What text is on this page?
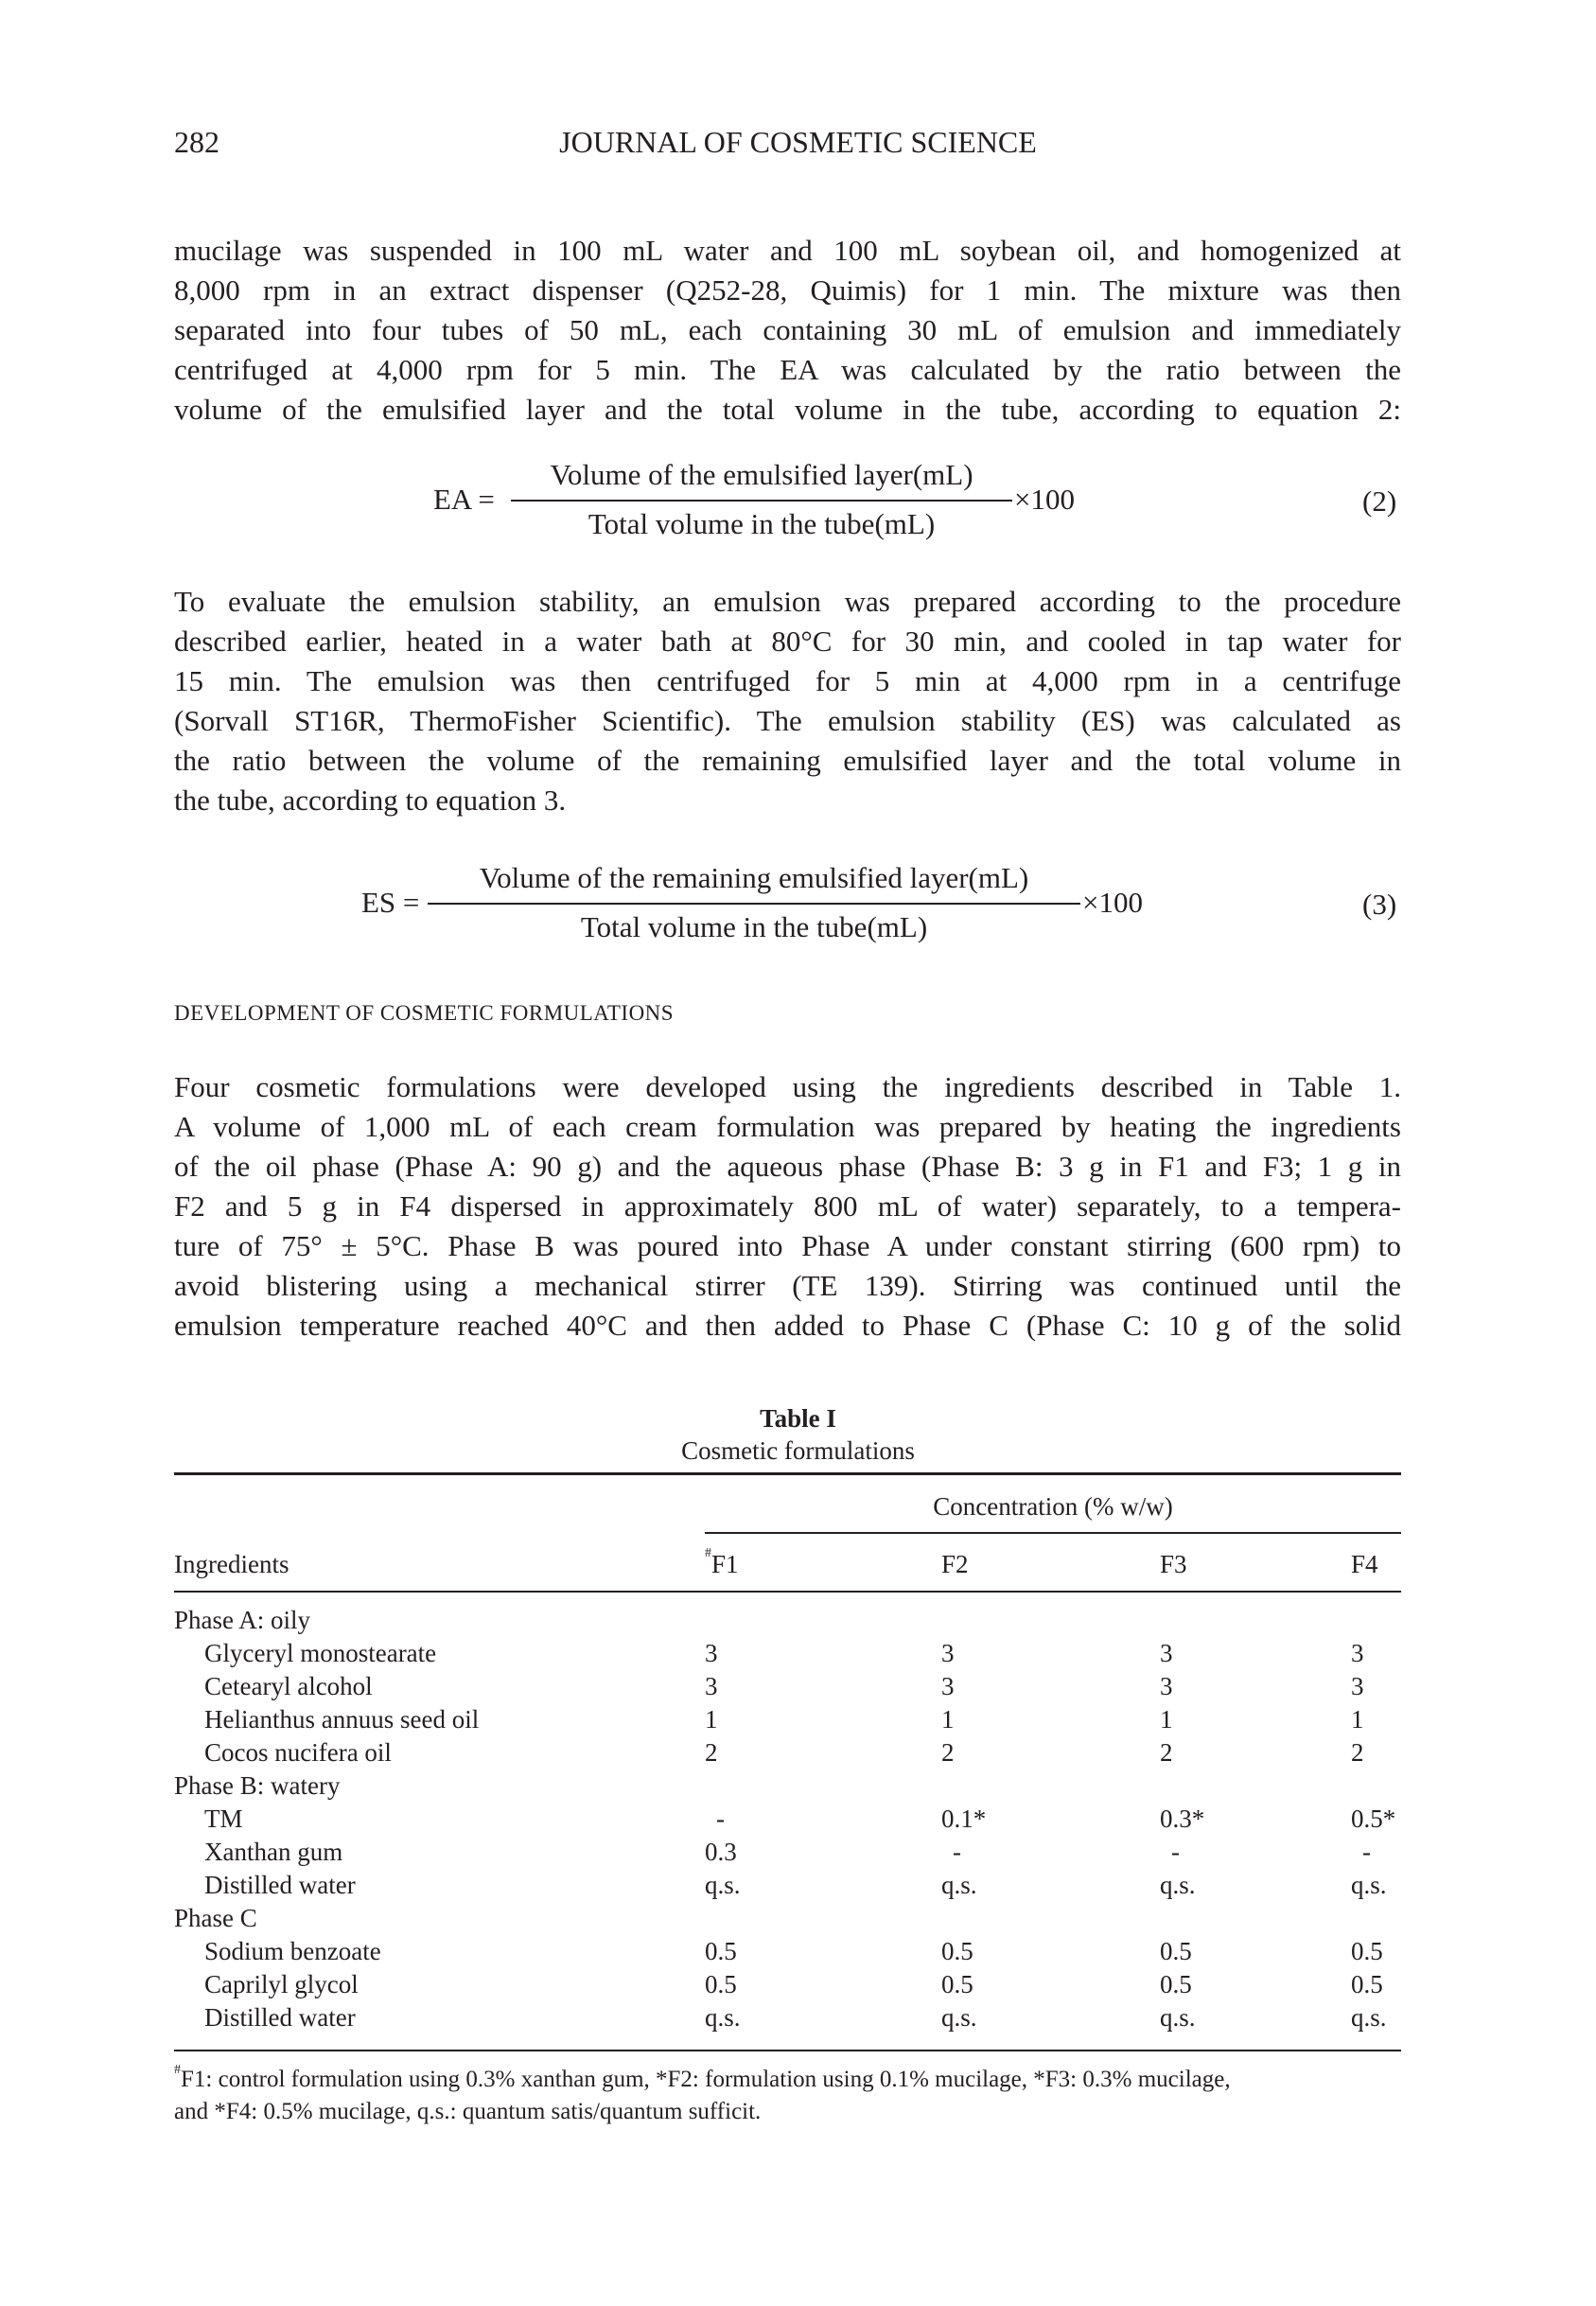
282	JOURNAL OF COSMETIC SCIENCE
mucilage was suspended in 100 mL water and 100 mL soybean oil, and homogenized at
8,000 rpm in an extract dispenser (Q252-28, Quimis) for 1 min. The mixture was then
separated into four tubes of 50 mL, each containing 30 mL of emulsion and immediately
centrifuged at 4,000 rpm for 5 min. The EA was calculated by the ratio between the
volume of the emulsified layer and the total volume in the tube, according to equation 2:
EA =
Volume of the emulsified layer(mL)
Total volume in the tube(mL)
×100	(2)
To evaluate the emulsion stability, an emulsion was prepared according to the procedure
described earlier, heated in a water bath at 80°C for 30 min, and cooled in tap water for
15 min. The emulsion was then centrifuged for 5 min at 4,000 rpm in a centrifuge
(Sorvall ST16R, ThermoFisher Scientific). The emulsion stability (ES) was calculated as
the ratio between the volume of the remaining emulsified layer and the total volume in
the tube, according to equation 3.
ES =
Volume of the remaining emulsified layer(mL)
Total volume in the tube(mL)
×100	(3)
DEVELOPMENT OF COSMETIC FORMULATIONS
Four cosmetic formulations were developed using the ingredients described in Table 1.
A volume of 1,000 mL of each cream formulation was prepared by heating the ingredients
of the oil phase (Phase A: 90 g) and the aqueous phase (Phase B: 3 g in F1 and F3; 1 g in
F2 and 5 g in F4 dispersed in approximately 800 mL of water) separately, to a tempera-
ture of 75° ± 5°C. Phase B was poured into Phase A under constant stirring (600 rpm) to
avoid blistering using a mechanical stirrer (TE 139). Stirring was continued until the
emulsion temperature reached 40°C and then added to Phase C (Phase C: 10 g of the solid
Table I
Cosmetic formulations
Concentration (% w/w)
Ingredients	#F1	F2	F3	F4
Phase A: oily
Glyceryl monostearate	3	3	3	3
Cetearyl alcohol	3	3	3	3
Helianthus annuus seed oil	1	1	1	1
Cocos nucifera oil	2	2	2	2
Phase B: watery
TM	-	0.1*	0.3*	0.5*
Xanthan gum	0.3	-	-	-
Distilled water	q.s.	q.s.	q.s.	q.s.
Phase C
Sodium benzoate	0.5	0.5	0.5	0.5
Caprilyl glycol	0.5	0.5	0.5	0.5
Distilled water	q.s.	q.s.	q.s.	q.s.
#F1: control formulation using 0.3% xanthan gum, *F2: formulation using 0.1% mucilage, *F3: 0.3% mucilage,
and *F4: 0.5% mucilage, q.s.: quantum satis/quantum sufficit.
